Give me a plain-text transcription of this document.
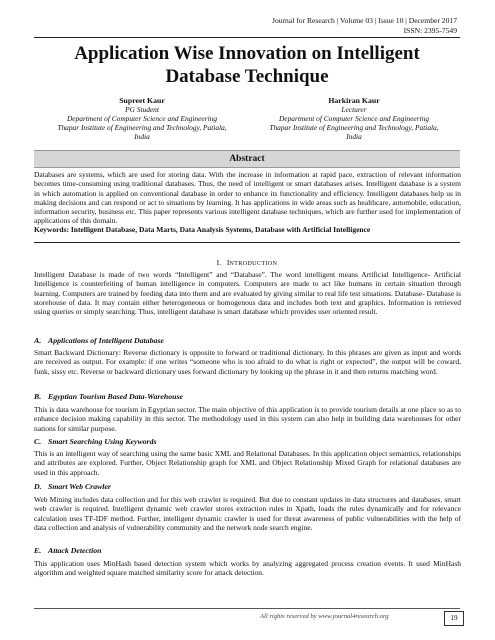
Journal for Research | Volume 03 | Issue 10 | December 2017
ISSN: 2395-7549
Application Wise Innovation on Intelligent
Database Technique
Supreet Kaur
PG Student
Department of Computer Science and Engineering
Thapar Institute of Engineering and Technology, Patiala,
India
Harkiran Kaur
Lecturer
Department of Computer Science and Engineering
Thapar Institute of Engineering and Technology, Patiala,
India
Abstract
Databases are systems, which are used for storing data. With the increase in information at rapid pace, extraction of relevant information becomes time-consuming using traditional databases. Thus, the need of intelligent or smart databases arises. Intelligent database is a system in which automation is applied on conventional database in order to enhance its functionality and efficiency. Intelligent databases help us in making decisions and can respond or act to situations by learning. It has applications in wide areas such as healthcare, automobile, education, information security, business etc. This paper represents various intelligent database techniques, which are further used for implementation of applications of this domain.
Keywords: Intelligent Database, Data Marts, Data Analysis Systems, Database with Artificial Intelligence
I. INTRODUCTION
Intelligent Database is made of two words “Intelligent” and “Database”. The word intelligent means Artificial Intelligence- Artificial Intelligence is counterfeiting of human intelligence in computers. Computers are made to act like humans in certain situation through learning. Computers are trained by feeding data into them and are evaluated by giving similar to real life test situations. Database- Database is storehouse of data. It may contain either heterogeneous or homogenous data and includes both text and graphics. Information is retrieved using queries or simply searching. Thus, intelligent database is smart database which provides user oriented result.
A. Applications of Intelligent Database
Smart Backward Dictionary: Reverse dictionary is opposite to forward or traditional dictionary. In this phrases are given as input and words are received as output. For example: if one writes “someone who is too afraid to do what is right or expected”, the output will be coward, funk, sissy etc. Reverse or backward dictionary uses forward dictionary by looking up the phrase in it and then returns matching word.
B. Egyptian Tourism Based Data-Warehouse
This is data warehouse for tourism in Egyptian sector. The main objective of this application is to provide tourism details at one place so as to enhance decision making capability in this sector. The methodology used in this system can also help in building data warehouses for other nations for similar purpose.
C. Smart Searching Using Keywords
This is an intelligent way of searching using the same basic XML and Relational Databases. In this application object semantics, relationships and attributes are explored. Further, Object Relationship graph for XML and Object Relationship Mixed Graph for relational databases are used in this approach.
D. Smart Web Crawler
Web Mining includes data collection and for this web crawler is required. But due to constant updates in data structures and databases, smart web crawler is required. Intelligent dynamic web crawler stores extraction rules in Xpath, loads the rules dynamically and for relevance calculation uses TF-IDF method. Further, intelligent dynamic crawler is used for threat awareness of public vulnerabilities with the help of data collection and analysis of vulnerability community and the network node search engine.
E. Attack Detection
This application uses MinHash based detection system which works by analyzing aggregated process creation events. It used MinHash algorithm and weighted square matched similarity score for attack detection.
All rights reserved by www.journal4research.org	19
